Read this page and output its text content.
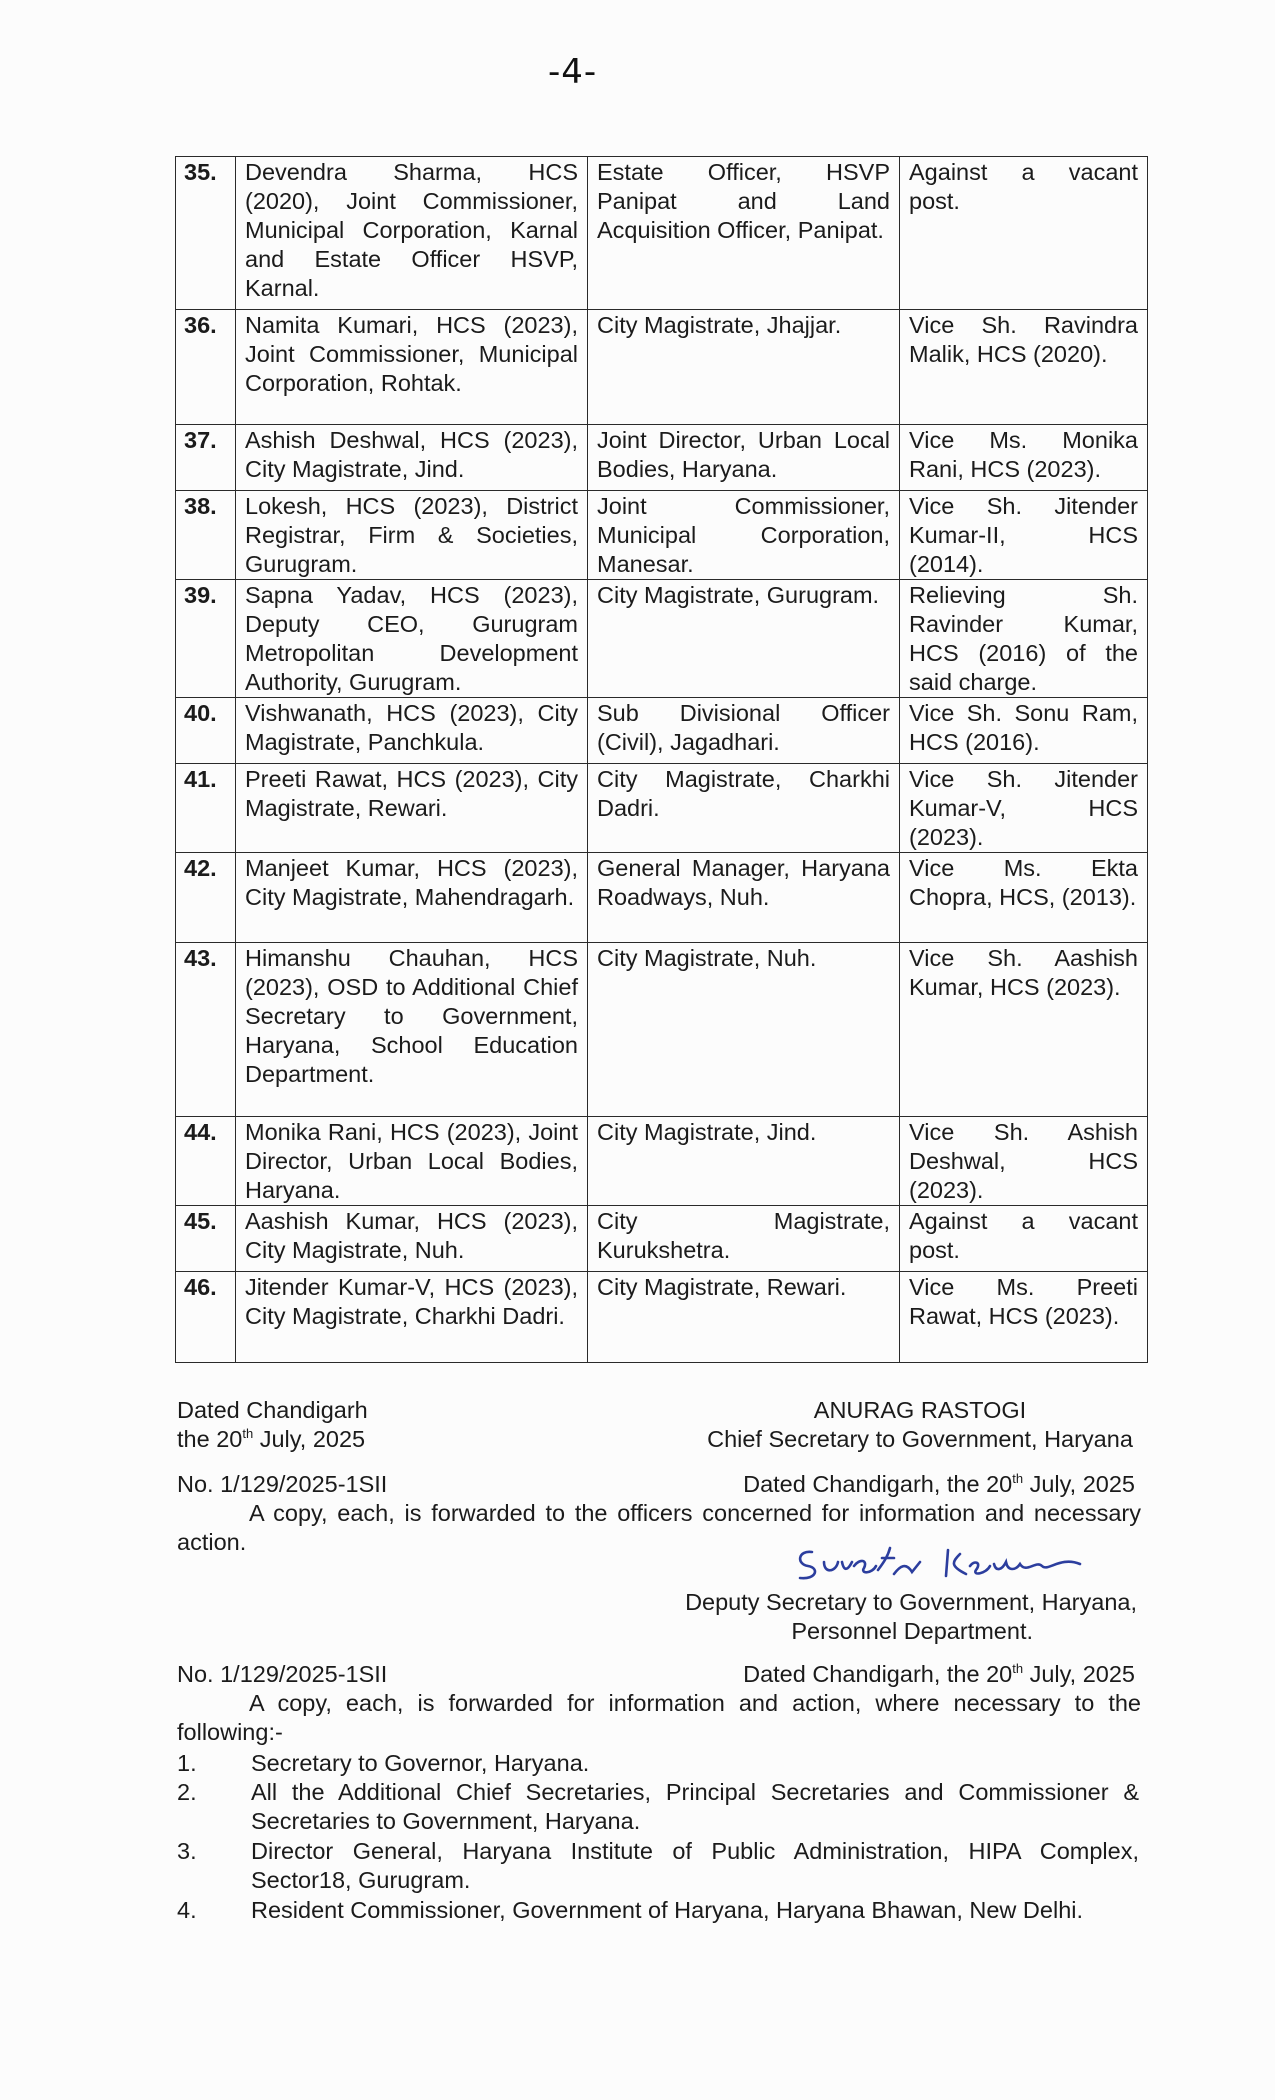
-4-
35.	Devendra Sharma, HCS (2020), Joint Commissioner, Municipal Corporation, Karnal and Estate Officer HSVP, Karnal.	Estate Officer, HSVP Panipat and Land Acquisition Officer, Panipat.	Against a vacant post.
36.	Namita Kumari, HCS (2023), Joint Commissioner, Municipal Corporation, Rohtak.	City Magistrate, Jhajjar.	Vice Sh. Ravindra Malik, HCS (2020).
37.	Ashish Deshwal, HCS (2023), City Magistrate, Jind.	Joint Director, Urban Local Bodies, Haryana.	Vice Ms. Monika Rani, HCS (2023).
38.	Lokesh, HCS (2023), District Registrar, Firm & Societies, Gurugram.	Joint Commissioner, Municipal Corporation, Manesar.	Vice Sh. Jitender Kumar-II, HCS (2014).
39.	Sapna Yadav, HCS (2023), Deputy CEO, Gurugram Metropolitan Development Authority, Gurugram.	City Magistrate, Gurugram.	Relieving Sh. Ravinder Kumar, HCS (2016) of the said charge.
40.	Vishwanath, HCS (2023), City Magistrate, Panchkula.	Sub Divisional Officer (Civil), Jagadhari.	Vice Sh. Sonu Ram, HCS (2016).
41.	Preeti Rawat, HCS (2023), City Magistrate, Rewari.	City Magistrate, Charkhi Dadri.	Vice Sh. Jitender Kumar-V, HCS (2023).
42.	Manjeet Kumar, HCS (2023), City Magistrate, Mahendragarh.	General Manager, Haryana Roadways, Nuh.	Vice Ms. Ekta Chopra, HCS, (2013).
43.	Himanshu Chauhan, HCS (2023), OSD to Additional Chief Secretary to Government, Haryana, School Education Department.	City Magistrate, Nuh.	Vice Sh. Aashish Kumar, HCS (2023).
44.	Monika Rani, HCS (2023), Joint Director, Urban Local Bodies, Haryana.	City Magistrate, Jind.	Vice Sh. Ashish Deshwal, HCS (2023).
45.	Aashish Kumar, HCS (2023), City Magistrate, Nuh.	City Magistrate, Kurukshetra.	Against a vacant post.
46.	Jitender Kumar-V, HCS (2023), City Magistrate, Charkhi Dadri.	City Magistrate, Rewari.	Vice Ms. Preeti Rawat, HCS (2023).
Dated Chandigarh
the 20th July, 2025
ANURAG RASTOGI
Chief Secretary to Government, Haryana
No. 1/129/2025-1SII	Dated Chandigarh, the 20th July, 2025
A copy, each, is forwarded to the officers concerned for information and necessary action.
Deputy Secretary to Government, Haryana,
Personnel Department.
No. 1/129/2025-1SII	Dated Chandigarh, the 20th July, 2025
A copy, each, is forwarded for information and action, where necessary to the following:-
1. Secretary to Governor, Haryana.
2. All the Additional Chief Secretaries, Principal Secretaries and Commissioner & Secretaries to Government, Haryana.
3. Director General, Haryana Institute of Public Administration, HIPA Complex, Sector18, Gurugram.
4. Resident Commissioner, Government of Haryana, Haryana Bhawan, New Delhi.
